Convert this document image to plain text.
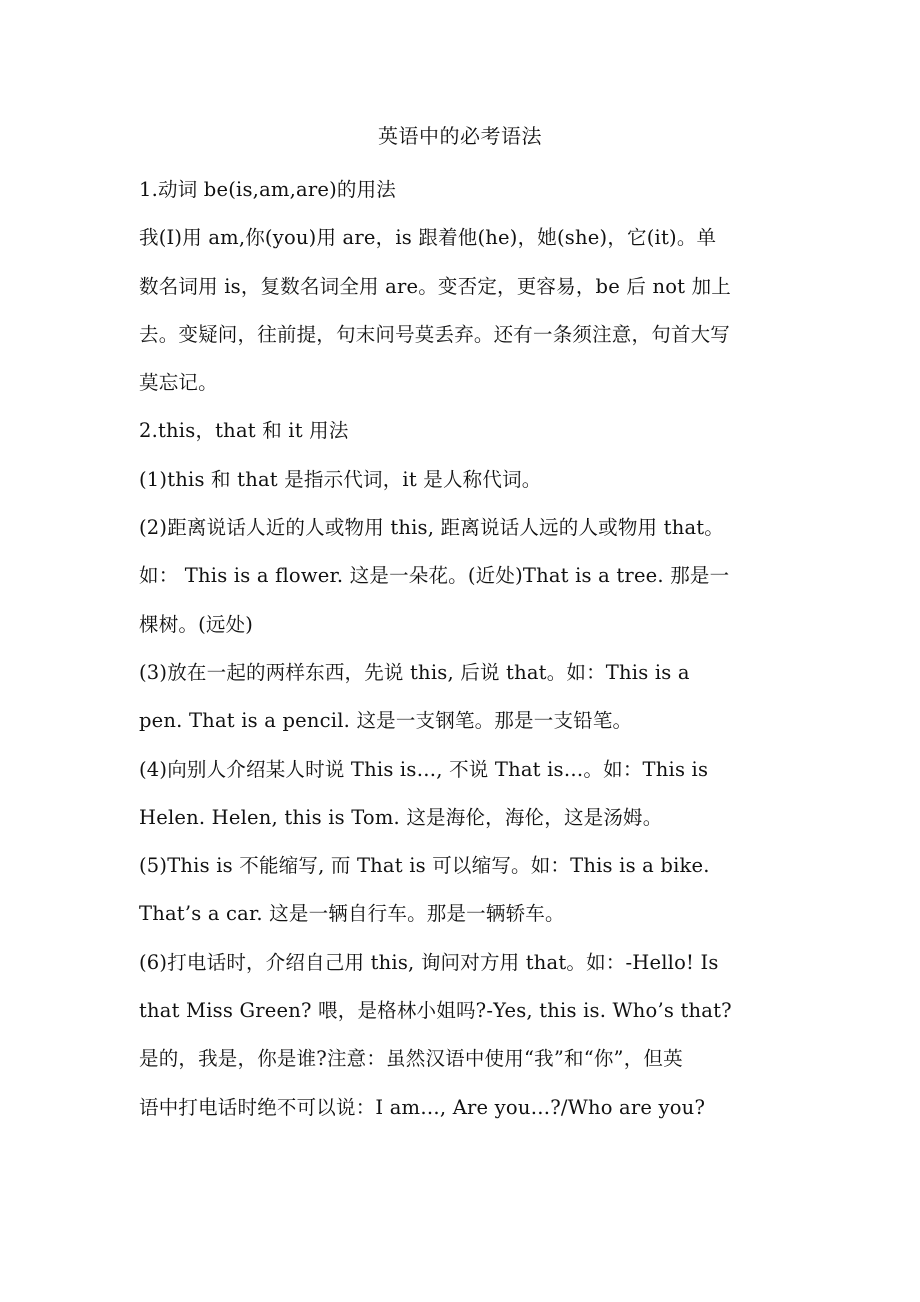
英语中的必考语法
1.动词 be(is,am,are)的用法
我(I)用 am,你(you)用 are，is 跟着他(he)，她(she)，它(it)。单
数名词用 is，复数名词全用 are。变否定，更容易，be 后 not 加上
去。变疑问，往前提，句末问号莫丢弃。还有一条须注意，句首大写
莫忘记。
2.this，that 和 it 用法
(1)this 和 that 是指示代词，it 是人称代词。
(2)距离说话人近的人或物用 this, 距离说话人远的人或物用 that。
如： This is a flower. 这是一朵花。(近处)That is a tree. 那是一
棵树。(远处)
(3)放在一起的两样东西，先说 this, 后说 that。如：This is a
pen. That is a pencil. 这是一支钢笔。那是一支铅笔。
(4)向别人介绍某人时说 This is…, 不说 That is…。如：This is
Helen. Helen, this is Tom. 这是海伦，海伦，这是汤姆。
(5)This is 不能缩写, 而 That is 可以缩写。如：This is a bike.
That’s a car. 这是一辆自行车。那是一辆轿车。
(6)打电话时，介绍自己用 this, 询问对方用 that。如：-Hello! Is
that Miss Green? 喂，是格林小姐吗?-Yes, this is. Who’s that?
是的，我是，你是谁?注意：虽然汉语中使用“我”和“你”，但英
语中打电话时绝不可以说：I am…, Are you…?/Who are you?
